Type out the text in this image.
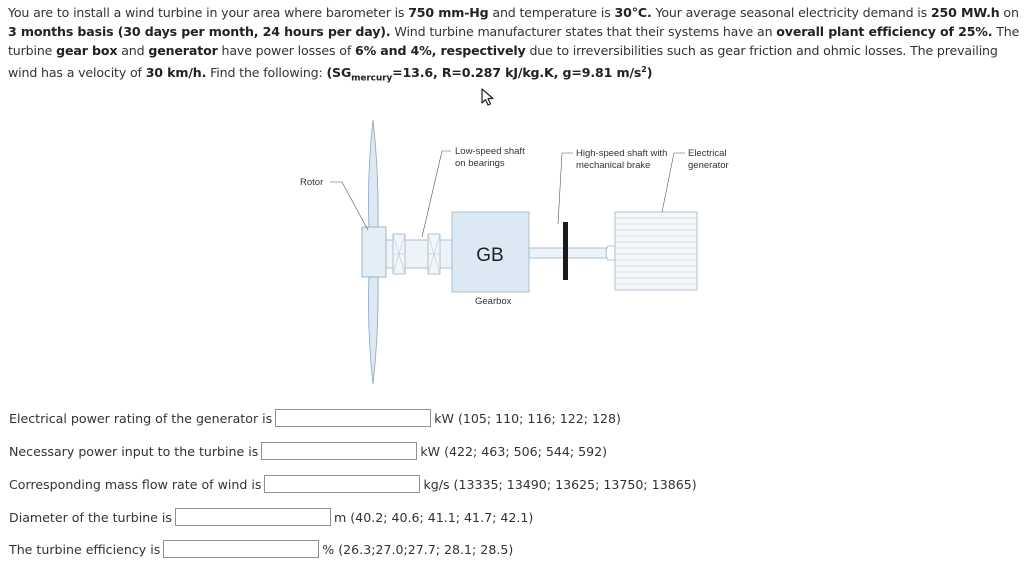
You are to install a wind turbine in your area where barometer is 750 mm-Hg and temperature is 30°C. Your average seasonal electricity demand is 250 MW.h on 3 months basis (30 days per month, 24 hours per day). Wind turbine manufacturer states that their systems have an overall plant efficiency of 25%. The turbine gear box and generator have power losses of 6% and 4%, respectively due to irreversibilities such as gear friction and ohmic losses. The prevailing wind has a velocity of 30 km/h. Find the following: ($SG_{mercury}=13.6$, R=0.287 kJ/kg.K, g=9.81 $m/s^2$)
GB
Rotor
Low-speed shaft
on bearings
High-speed shaft with
mechanical brake
Electrical
generator
Gearbox
Electrical power rating of the generator is	kW (105; 110; 116; 122; 128)
Necessary power input to the turbine is	kW (422; 463; 506; 544; 592)
Corresponding mass flow rate of wind is	kg/s (13335; 13490; 13625; 13750; 13865)
Diameter of the turbine is	m (40.2; 40.6; 41.1; 41.7; 42.1)
The turbine efficiency is	% (26.3;27.0;27.7; 28.1; 28.5)
